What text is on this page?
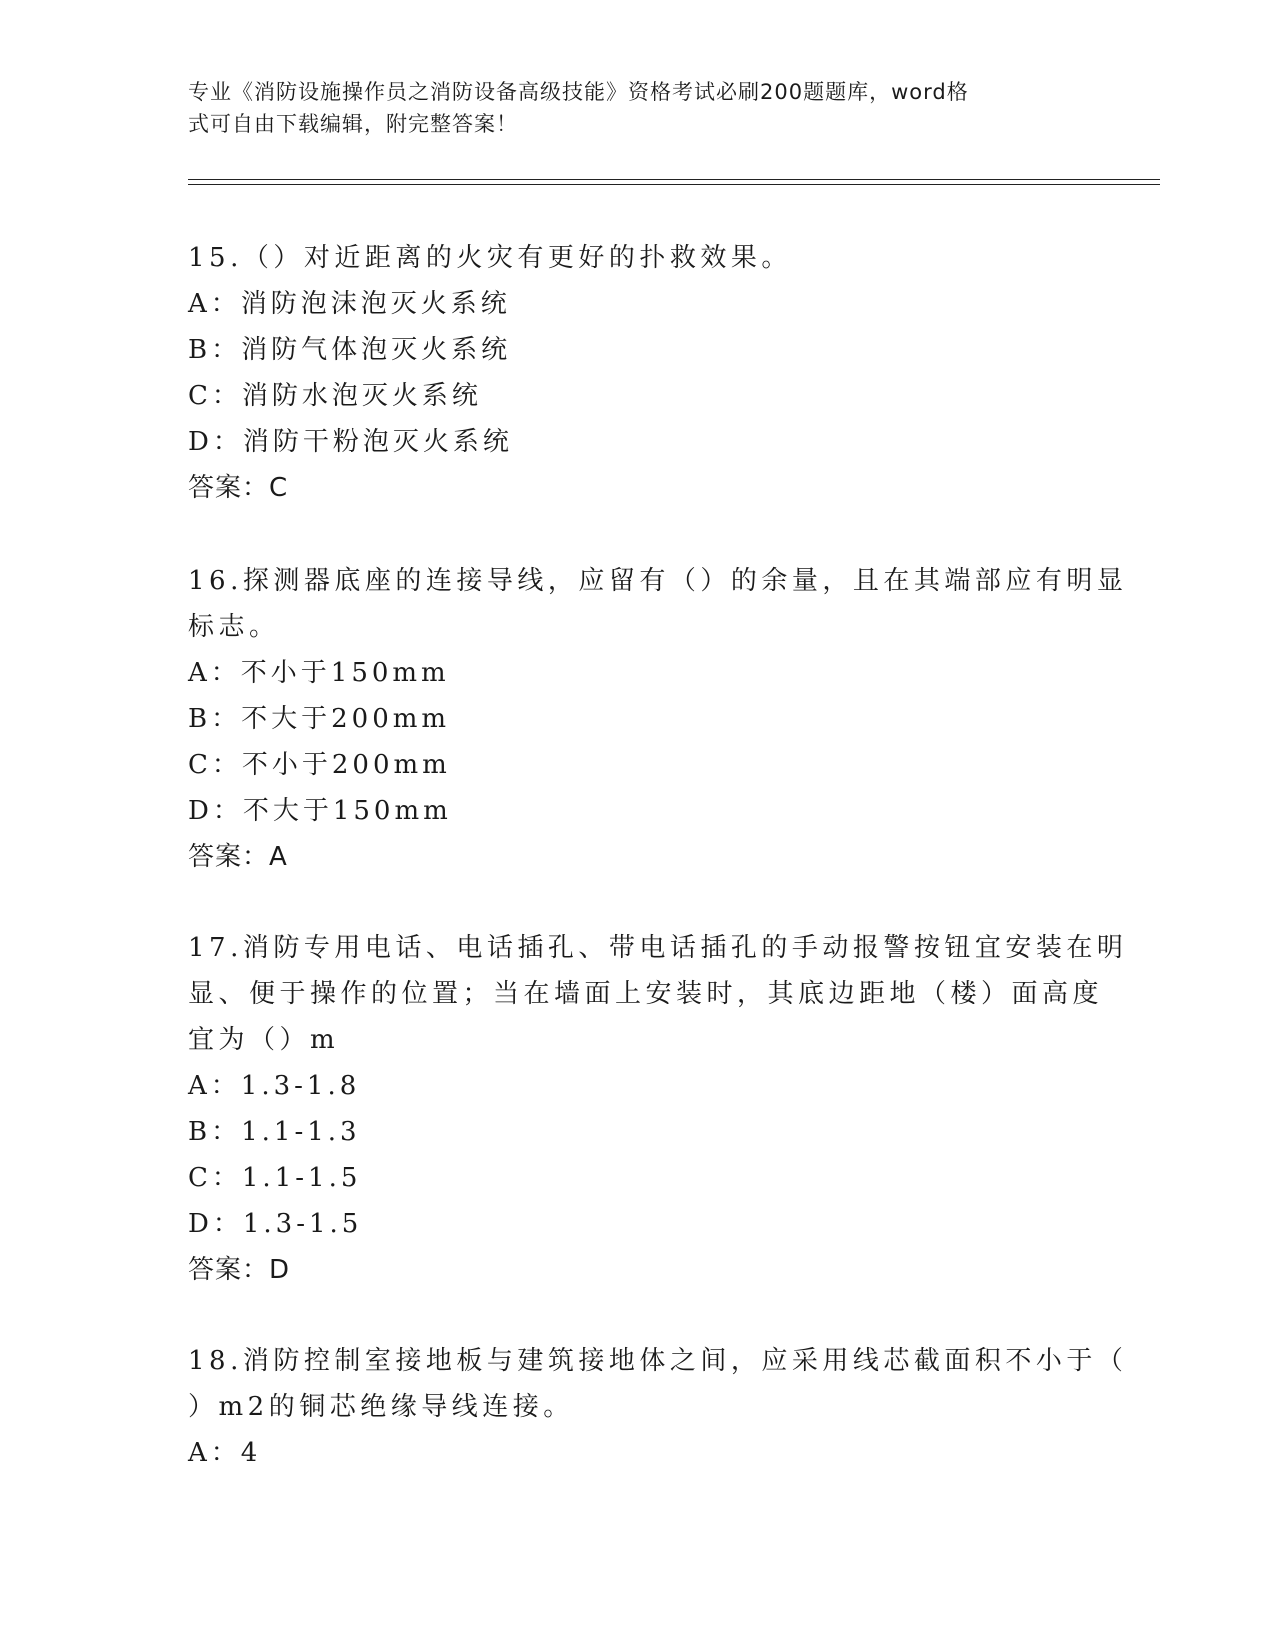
专业《消防设施操作员之消防设备高级技能》资格考试必刷200题题库，word格
式可自由下载编辑，附完整答案！
15.（）对近距离的火灾有更好的扑救效果。
A：消防泡沫泡灭火系统
B：消防气体泡灭火系统
C：消防水泡灭火系统
D：消防干粉泡灭火系统
答案：C
16.探测器底座的连接导线，应留有（）的余量，且在其端部应有明显
标志。
A：不小于150mm
B：不大于200mm
C：不小于200mm
D：不大于150mm
答案：A
17.消防专用电话、电话插孔、带电话插孔的手动报警按钮宜安装在明
显、便于操作的位置；当在墙面上安装时，其底边距地（楼）面高度
宜为（）m
A：1.3-1.8
B：1.1-1.3
C：1.1-1.5
D：1.3-1.5
答案：D
18.消防控制室接地板与建筑接地体之间，应采用线芯截面积不小于（
）m2的铜芯绝缘导线连接。
A：4
